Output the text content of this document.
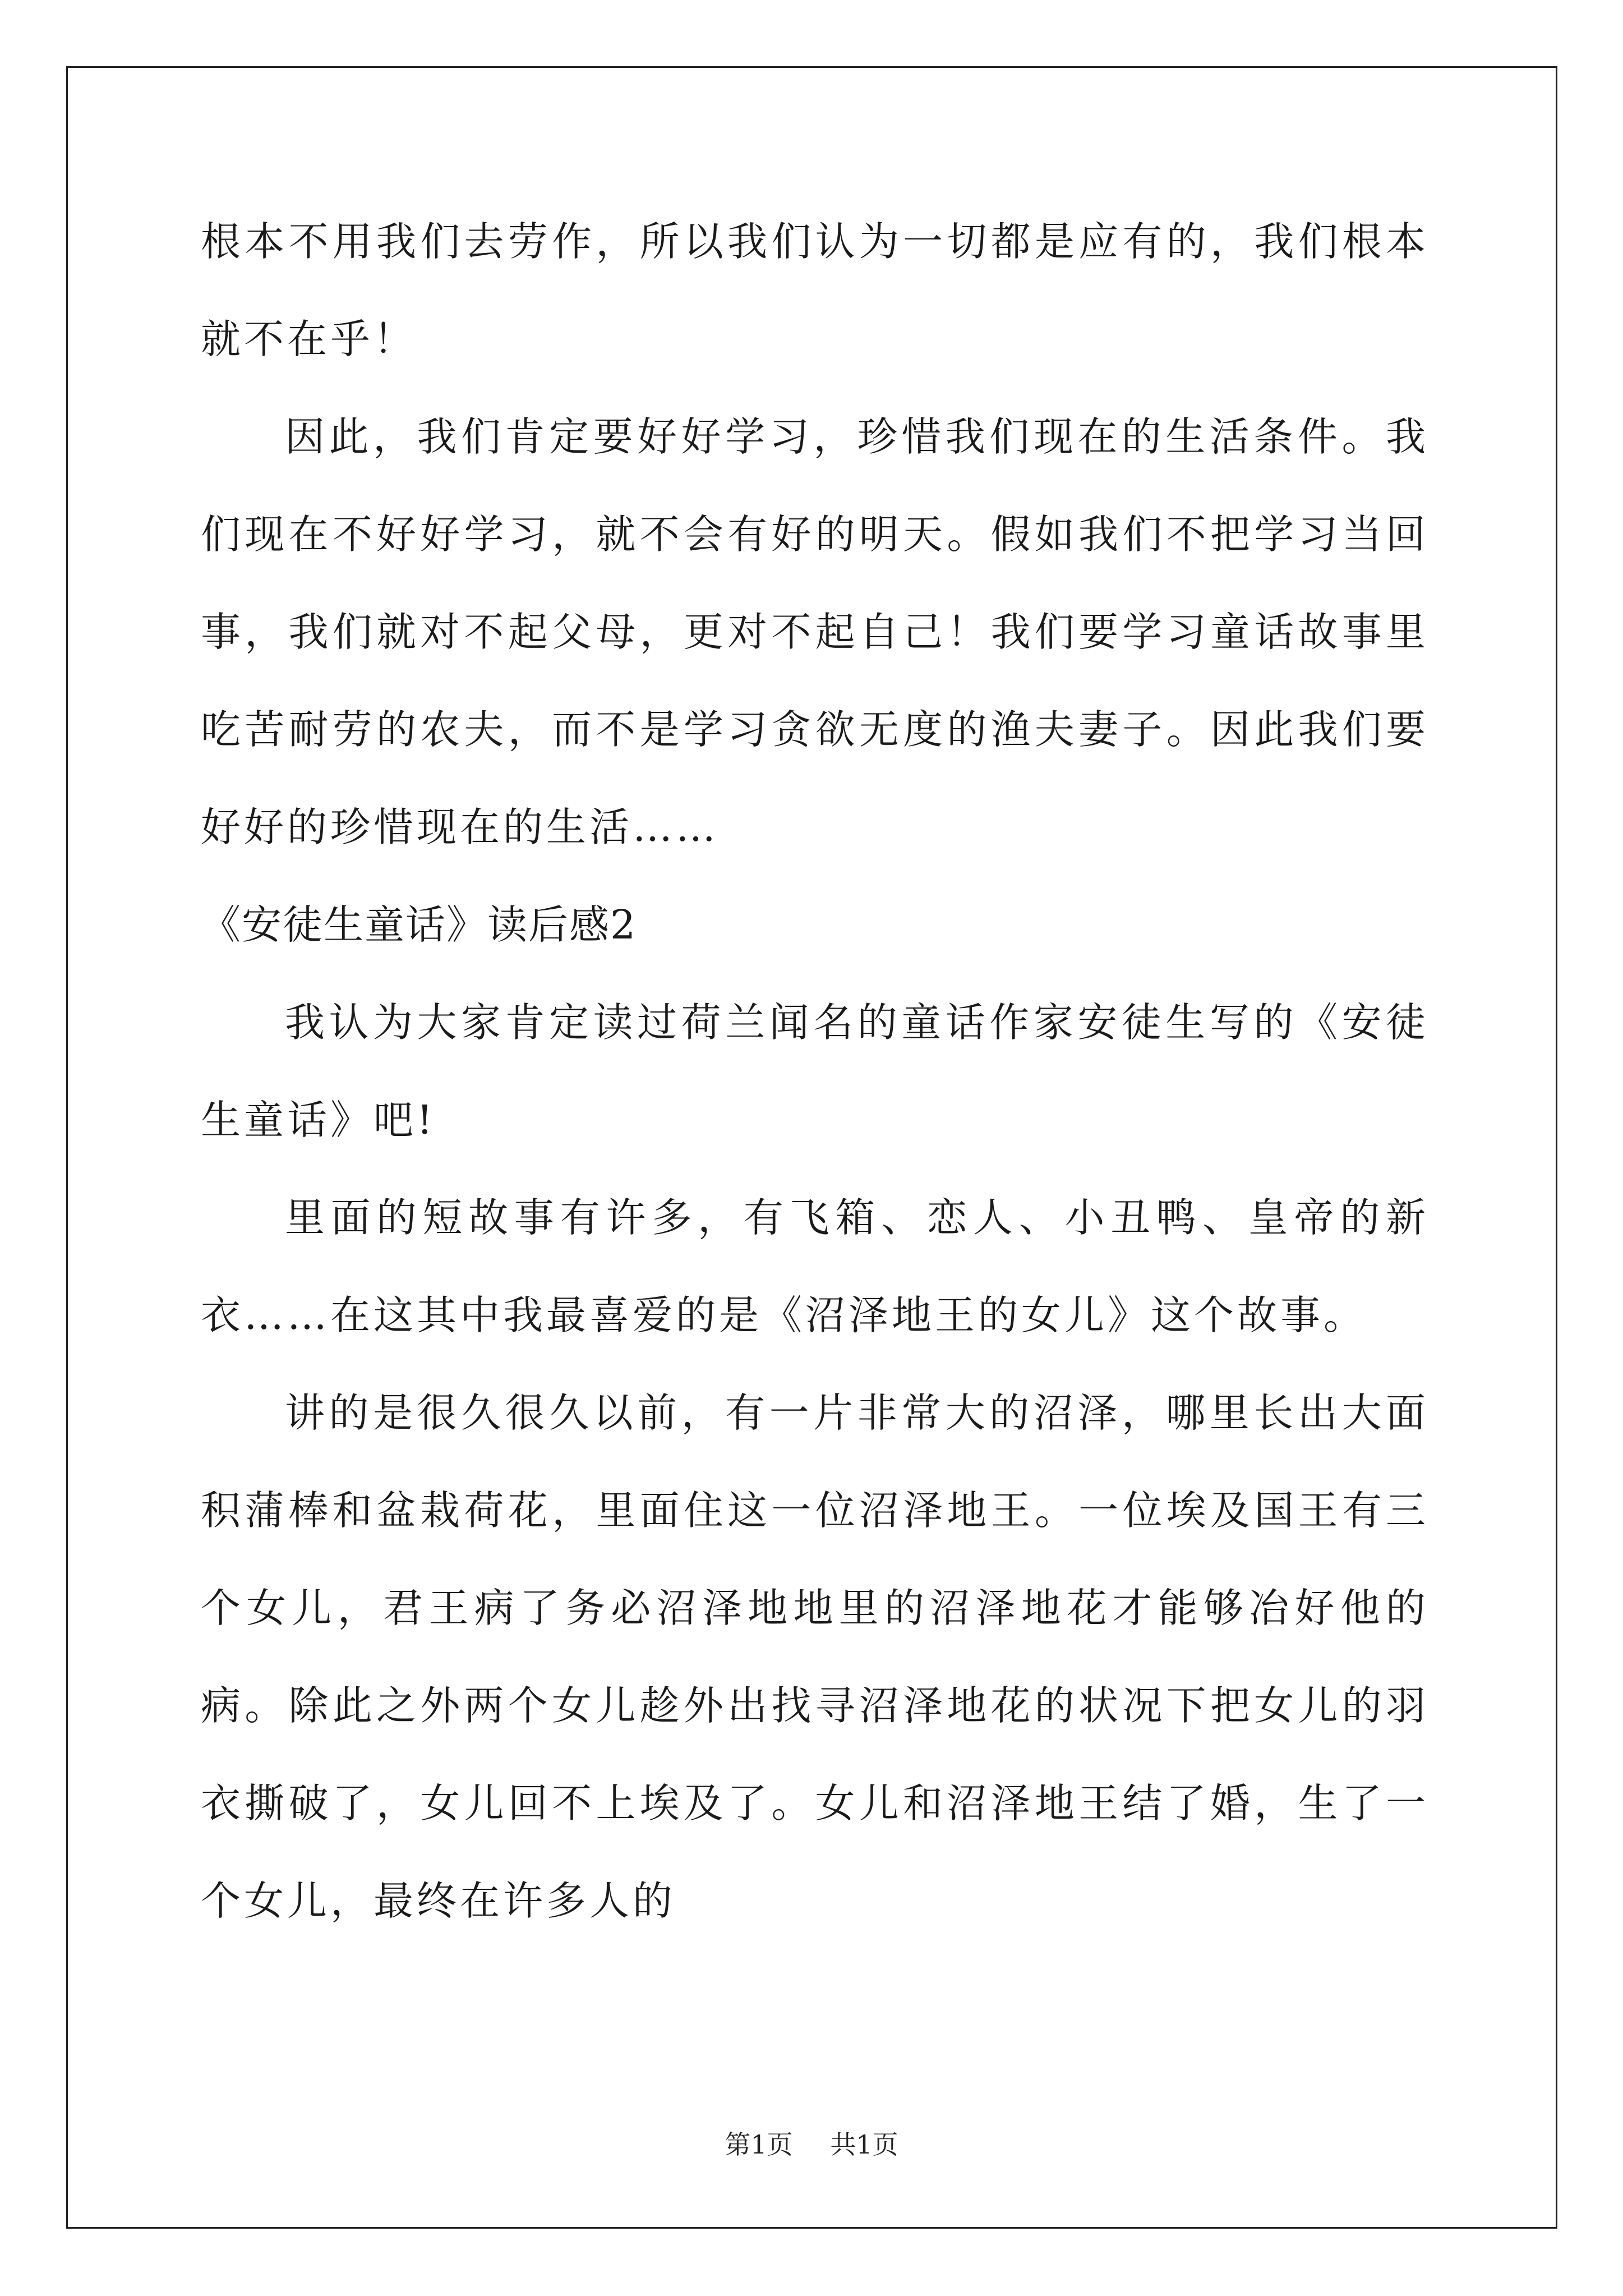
根本不用我们去劳作，所以我们认为一切都是应有的，我们根本就不在乎！

因此，我们肯定要好好学习，珍惜我们现在的生活条件。我们现在不好好学习，就不会有好的明天。假如我们不把学习当回事，我们就对不起父母，更对不起自己！我们要学习童话故事里吃苦耐劳的农夫，而不是学习贪欲无度的渔夫妻子。因此我们要好好的珍惜现在的生活……

《安徒生童话》读后感2

我认为大家肯定读过荷兰闻名的童话作家安徒生写的《安徒生童话》吧!

里面的短故事有许多，有飞箱、恋人、小丑鸭、皇帝的新衣……在这其中我最喜爱的是《沼泽地王的女儿》这个故事。

讲的是很久很久以前，有一片非常大的沼泽，哪里长出大面积蒲棒和盆栽荷花，里面住这一位沼泽地王。一位埃及国王有三个女儿，君王病了务必沼泽地地里的沼泽地花才能够冶好他的病。除此之外两个女儿趁外出找寻沼泽地花的状况下把女儿的羽衣撕破了，女儿回不上埃及了。女儿和沼泽地王结了婚，生了一个女儿，最终在许多人的

第1页 共1页
